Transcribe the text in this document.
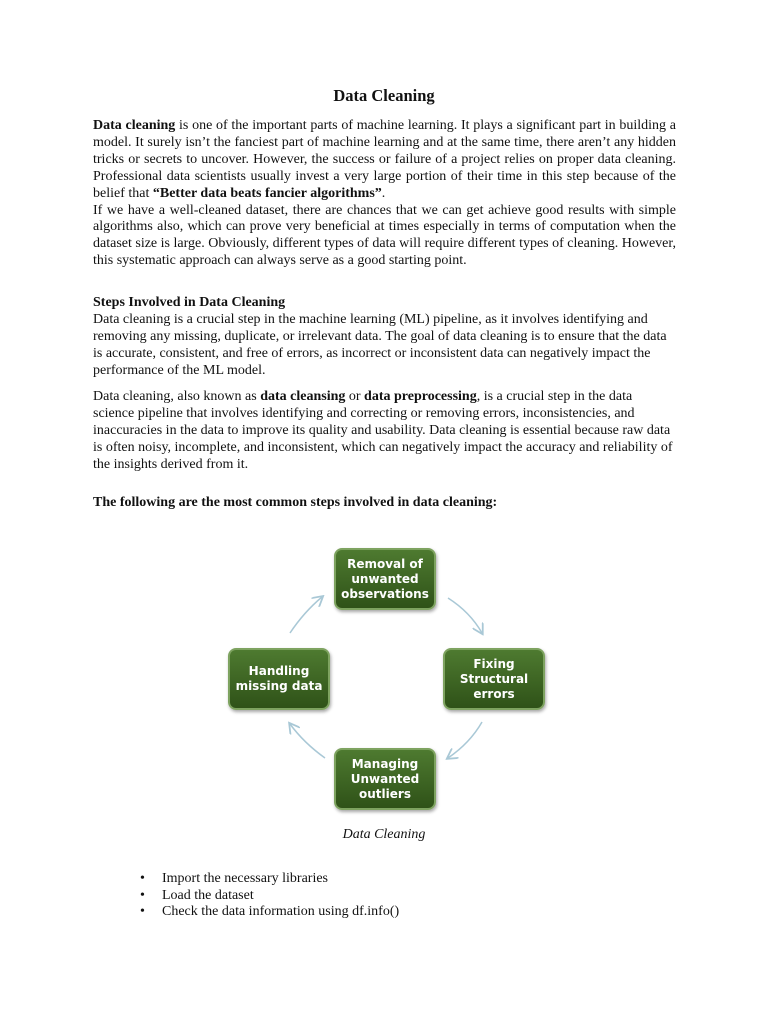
Data Cleaning

Data cleaning is one of the important parts of machine learning. It plays a significant part in building a model. It surely isn’t the fanciest part of machine learning and at the same time, there aren’t any hidden tricks or secrets to uncover. However, the success or failure of a project relies on proper data cleaning. Professional data scientists usually invest a very large portion of their time in this step because of the belief that “Better data beats fancier algorithms”.

If we have a well-cleaned dataset, there are chances that we can get achieve good results with simple algorithms also, which can prove very beneficial at times especially in terms of computation when the dataset size is large. Obviously, different types of data will require different types of cleaning. However, this systematic approach can always serve as a good starting point.

Steps Involved in Data Cleaning

Data cleaning is a crucial step in the machine learning (ML) pipeline, as it involves identifying and removing any missing, duplicate, or irrelevant data. The goal of data cleaning is to ensure that the data is accurate, consistent, and free of errors, as incorrect or inconsistent data can negatively impact the performance of the ML model.

Data cleaning, also known as data cleansing or data preprocessing, is a crucial step in the data science pipeline that involves identifying and correcting or removing errors, inconsistencies, and inaccuracies in the data to improve its quality and usability. Data cleaning is essential because raw data is often noisy, incomplete, and inconsistent, which can negatively impact the accuracy and reliability of the insights derived from it.

The following are the most common steps involved in data cleaning:
Removal of unwanted observations
Fixing Structural errors
Managing Unwanted outliers
Handling missing data
Data Cleaning
• Import the necessary libraries
• Load the dataset
• Check the data information using df.info()
